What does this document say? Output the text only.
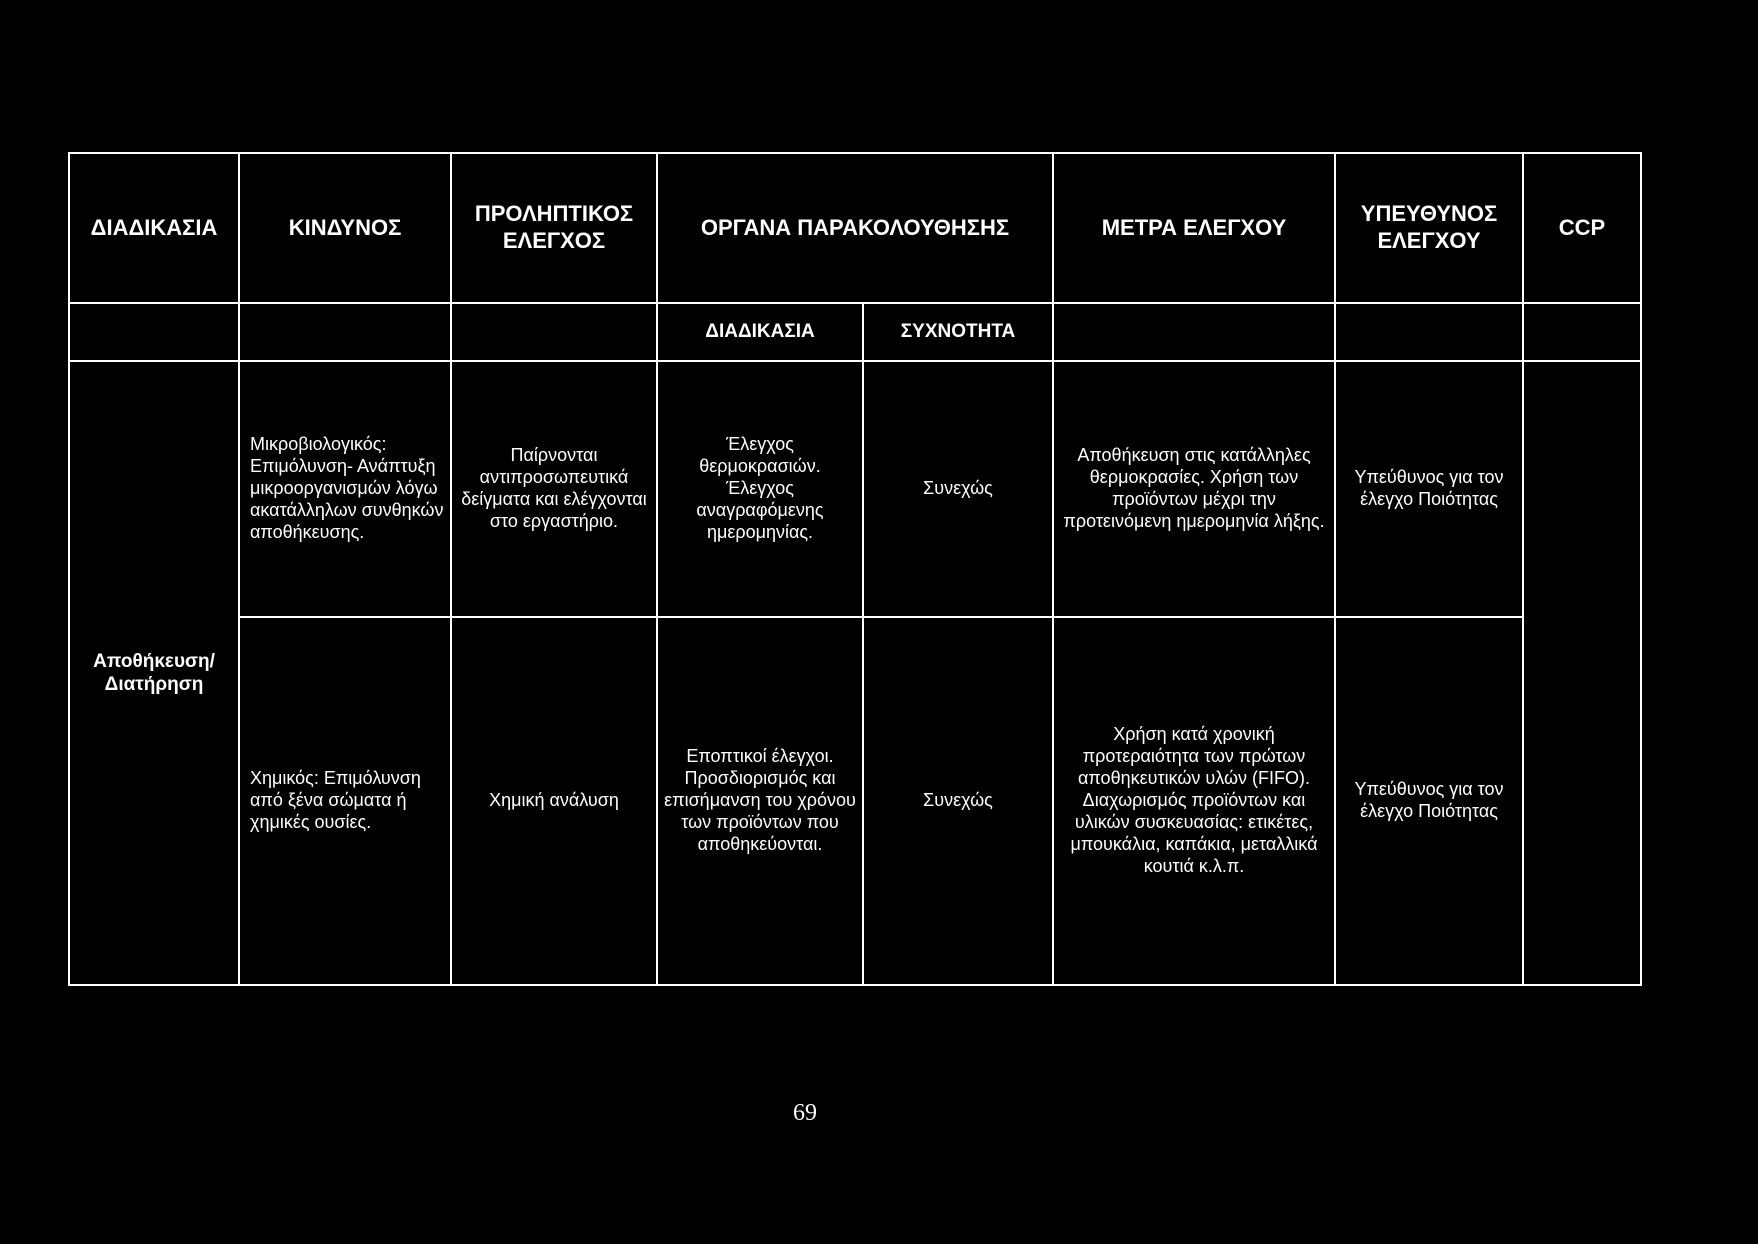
ΔΙΑΔΙΚΑΣΙΑ	ΚΙΝΔΥΝΟΣ	ΠΡΟΛΗΠΤΙΚΟΣ ΕΛΕΓΧΟΣ	ΟΡΓΑΝΑ ΠΑΡΑΚΟΛΟΥΘΗΣΗΣ		ΜΕΤΡΑ ΕΛΕΓΧΟΥ	ΥΠΕΥΘΥΝΟΣ ΕΛΕΓΧΟΥ	CCP
			ΔΙΑΔΙΚΑΣΙΑ	ΣΥΧΝΟΤΗΤΑ			
Αποθήκευση/ Διατήρηση	Μικροβιολογικός: Επιμόλυνση- Ανάπτυξη μικροοργανισμών λόγω ακατάλληλων συνθηκών αποθήκευσης.	Παίρνονται αντιπροσωπευτικά δείγματα και ελέγχονται στο εργαστήριο.	Έλεγχος θερμοκρασιών. Έλεγχος αναγραφόμενης ημερομηνίας.	Συνεχώς	Αποθήκευση στις κατάλληλες θερμοκρασίες. Χρήση των προϊόντων μέχρι την προτεινόμενη ημερομηνία λήξης.	Υπεύθυνος για τον έλεγχο Ποιότητας	
	Χημικός: Επιμόλυνση από ξένα σώματα ή χημικές ουσίες.	Χημική ανάλυση	Εποπτικοί έλεγχοι. Προσδιορισμός και επισήμανση του χρόνου των προϊόντων που αποθηκεύονται.	Συνεχώς	Χρήση κατά χρονική προτεραιότητα των πρώτων αποθηκευτικών υλών (FIFO). Διαχωρισμός προϊόντων και υλικών συσκευασίας: ετικέτες, μπουκάλια, καπάκια, μεταλλικά κουτιά κ.λ.π.	Υπεύθυνος για τον έλεγχο Ποιότητας	
69
